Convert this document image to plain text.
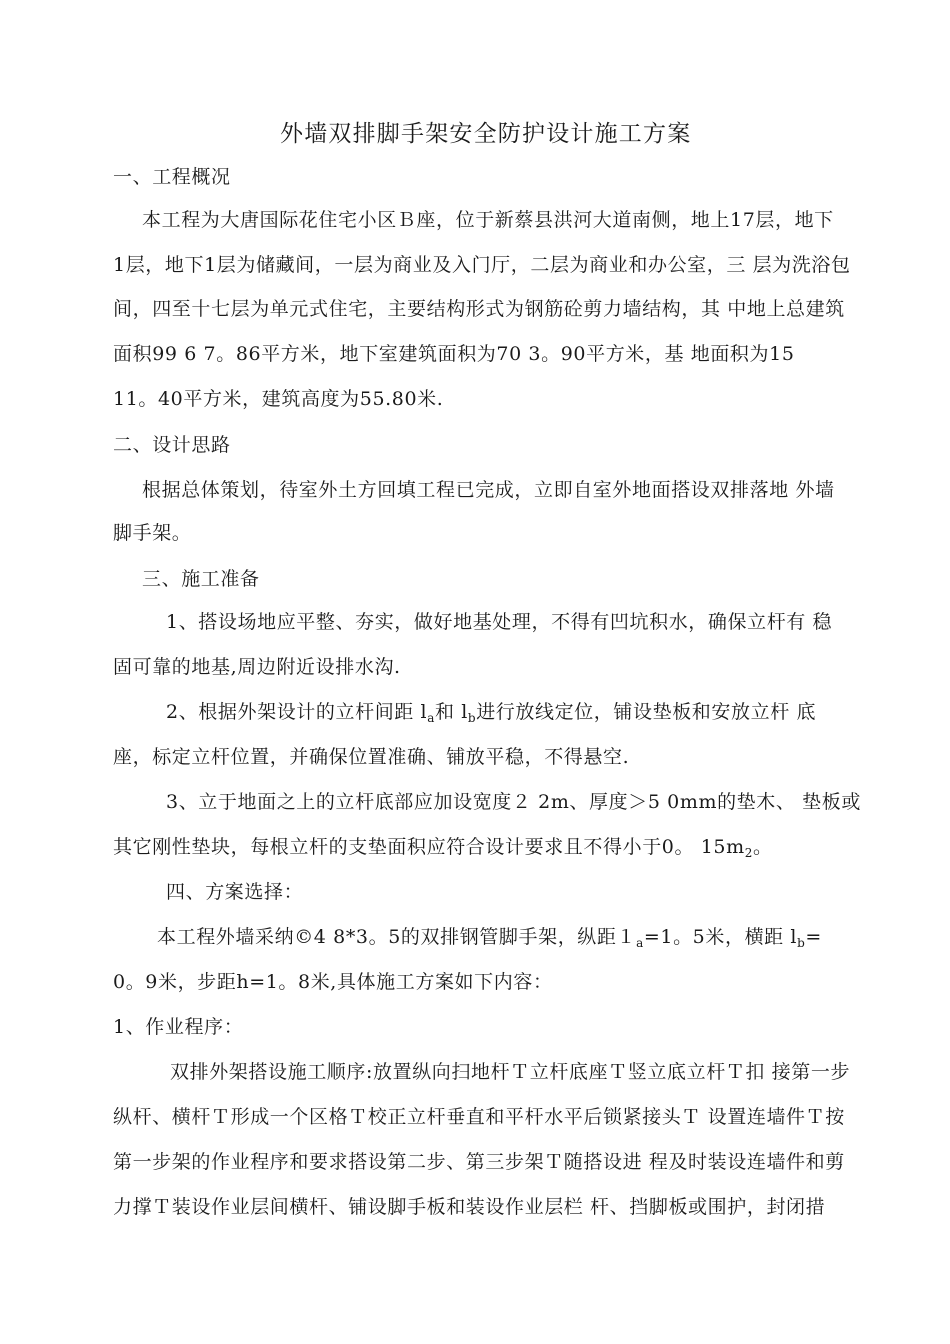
外墙双排脚手架安全防护设计施工方案
一、工程概况
本工程为大唐国际花住宅小区Ｂ座，位于新蔡县洪河大道南侧，地上17层，地下
1层，地下1层为储藏间，一层为商业及入门厅，二层为商业和办公室，三 层为洗浴包
间，四至十七层为单元式住宅，主要结构形式为钢筋砼剪力墙结构，其 中地上总建筑
面积99 6 7。86平方米，地下室建筑面积为70 3。90平方米，基 地面积为15
11。40平方米，建筑高度为55.80米.
二、设计思路
根据总体策划，待室外土方回填工程已完成，立即自室外地面搭设双排落地 外墙
脚手架。
三、施工准备
1、搭设场地应平整、夯实，做好地基处理，不得有凹坑积水，确保立杆有 稳
固可靠的地基,周边附近设排水沟.
2、根据外架设计的立杆间距 $l_a$和 $l_b$进行放线定位，铺设垫板和安放立杆 底
座，标定立杆位置，并确保位置准确、铺放平稳，不得悬空.
3、立于地面之上的立杆底部应加设宽度２ 2m、厚度＞5 0mm的垫木、 垫板或
其它刚性垫块，每根立杆的支垫面积应符合设计要求且不得小于0。 $15m_2$。
四、方案选择：
本工程外墙采纳©4 8*3。5的双排钢管脚手架，纵距$1_a=1$。5米，横距 $l_b=$
0。9米，步距h=1。8米,具体施工方案如下内容：
1、作业程序：
双排外架搭设施工顺序:放置纵向扫地杆Ｔ立杆底座Ｔ竖立底立杆Ｔ扣 接第一步
纵杆、横杆Ｔ形成一个区格Ｔ校正立杆垂直和平杆水平后锁紧接头Ｔ 设置连墙件Ｔ按
第一步架的作业程序和要求搭设第二步、第三步架Ｔ随搭设进 程及时装设连墙件和剪
力撑Ｔ装设作业层间横杆、铺设脚手板和装设作业层栏 杆、挡脚板或围护，封闭措
